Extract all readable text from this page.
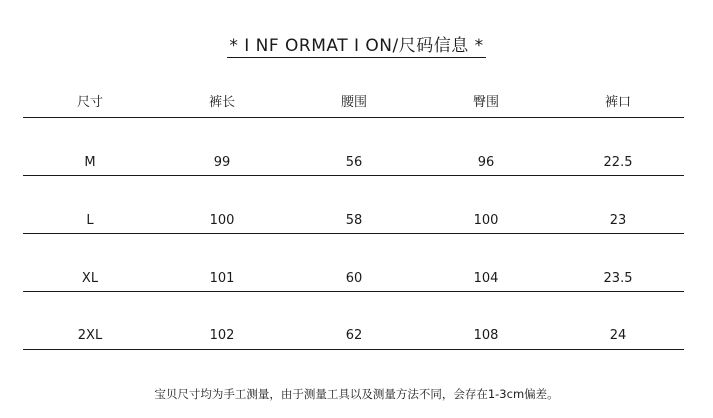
* I NF ORMAT I ON/尺码信息 *
尺寸	裤长	腰围	臀围	裤口
M	99	56	96	22.5
L	100	58	100	23
XL	101	60	104	23.5
2XL	102	62	108	24
宝贝尺寸均为手工测量，由于测量工具以及测量方法不同，会存在1-3cm偏差。
